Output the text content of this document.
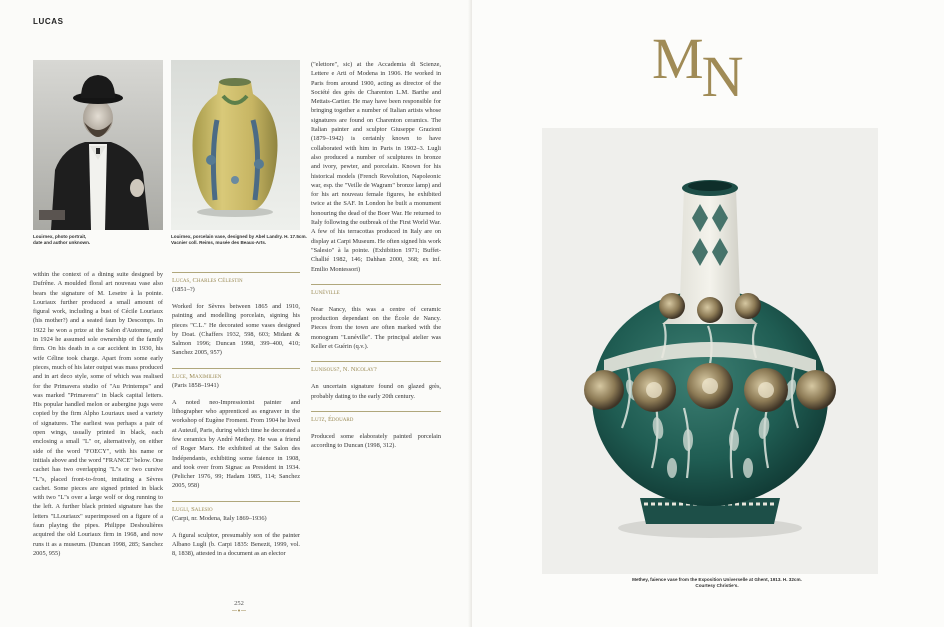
LUCAS
Louirnex, photo portrait,
date and author unknown.
Louirnex, porcelain vase, designed by Abel Landry. H. 17.5cm.
Vacnier coll. Reims, musée des Beaux-Arts.

within the context of a dining suite designed by Dufrêne. A moulded floral art nouveau vase also bears the signature of M. Lesetre à la pointe. Louriaux further produced a small amount of figural work, including a bust of Cécile Louriaux (his mother?) and a seated faun by Descomps. In 1922 he won a prize at the Salon d'Automne, and in 1924 he assumed sole ownership of the family firm. On his death in a car accident in 1930, his wife Céline took charge. Apart from some early pieces, much of his later output was mass produced and in art deco style, some of which was realised for the Primavera studio of "Au Printemps" and was marked "Primavera" in black capital letters. His popular handled melon or aubergine jugs were copied by the firm Alpho Louriaux used a variety of signatures. The earliest was perhaps a pair of open wings, usually printed in black, each enclosing a small "L" or, alternatively, on either side of the word "FOECY", with his name or initials above and the word "FRANCE" below. One cachet has two overlapping "L"s or two cursive "L"s, placed front-to-front, imitating a Sèvres cachet. Some pieces are signed printed in black with two "L"s over a large wolf or dog running to the left. A further black printed signature has the letters "LLouriaux" superimposed on a figure of a faun playing the pipes. Philippe Deshoulières acquired the old Louriaux firm in 1968, and now runs it as a museum. (Duncan 1998, 285; Sanchez 2005, 955)

Lucas, Charles Célestin
(1851–?)

Worked for Sèvres between 1865 and 1910, painting and modelling porcelain, signing his pieces "C.L." He decorated some vases designed by Doat. (Chaffers 1932, 598, 603; Midant & Salmon 1996; Duncan 1998, 399–400, 410; Sanchez 2005, 957)

Luce, Maximilien
(Paris 1858–1941)

A noted neo-Impressionist painter and lithographer who apprenticed as engraver in the workshop of Eugène Froment. From 1904 he lived at Auteuil, Paris, during which time he decorated a few ceramics by André Methey. He was a friend of Roger Marx. He exhibited at the Salon des Indépendants, exhibiting some faience in 1908, and took over from Signac as President in 1934. (Pelicher 1976, 99; Hadam 1985, 114; Sanchez 2005, 958)

Lugli, Salesio
(Carpi, nr. Modena, Italy 1869–1936)

A figural sculptor, presumably son of the painter Albano Lugli (b. Carpi 1835: Benezit, 1999, vol. 8, 1838), attested in a document as an elector

("elettore", sic) at the Accademia di Scienze, Lettere e Arti of Modena in 1906. He worked in Paris from around 1900, acting as director of the Société des grès de Charenton L.M. Barthe and Mettais-Cartier. He may have been responsible for bringing together a number of Italian artists whose signatures are found on Charenton ceramics. The Italian painter and sculptor Giuseppe Grazioni (1879–1942) is certainly known to have collaborated with him in Paris in 1902–3. Lugli also produced a number of sculptures in bronze and ivory, pewter, and porcelain. Known for his historical models (French Revolution, Napoleonic war, esp. the "Veille de Wagram" bronze lamp) and for his art nouveau female figures, he exhibited twice at the SAF. In London he built a monument honouring the dead of the Boer War. He returned to Italy following the outbreak of the First World War. A few of his terracottas produced in Italy are on display at Carpi Museum. He often signed his work "Salesio" à la pointe. (Exhibition 1971; Buffet-Challié 1982, 146; Dahhan 2000, 368; ex inf. Emilio Montessori)

Lunéville

Near Nancy, this was a centre of ceramic production dependant on the École de Nancy. Pieces from the town are often marked with the monogram "Lunéville". The principal atelier was Keller et Guérin (q.v.).

Lunisous?, N. Nicolay?

An uncertain signature found on glazed grès, probably dating to the early 20th century.

Lutz, Édouard

Produced some elaborately painted porcelain according to Duncan (1998, 312).

252
MN
Methey, faience vase from the Exposition Universelle at Ghent, 1913. H. 32cm.
Courtesy Christie's.
